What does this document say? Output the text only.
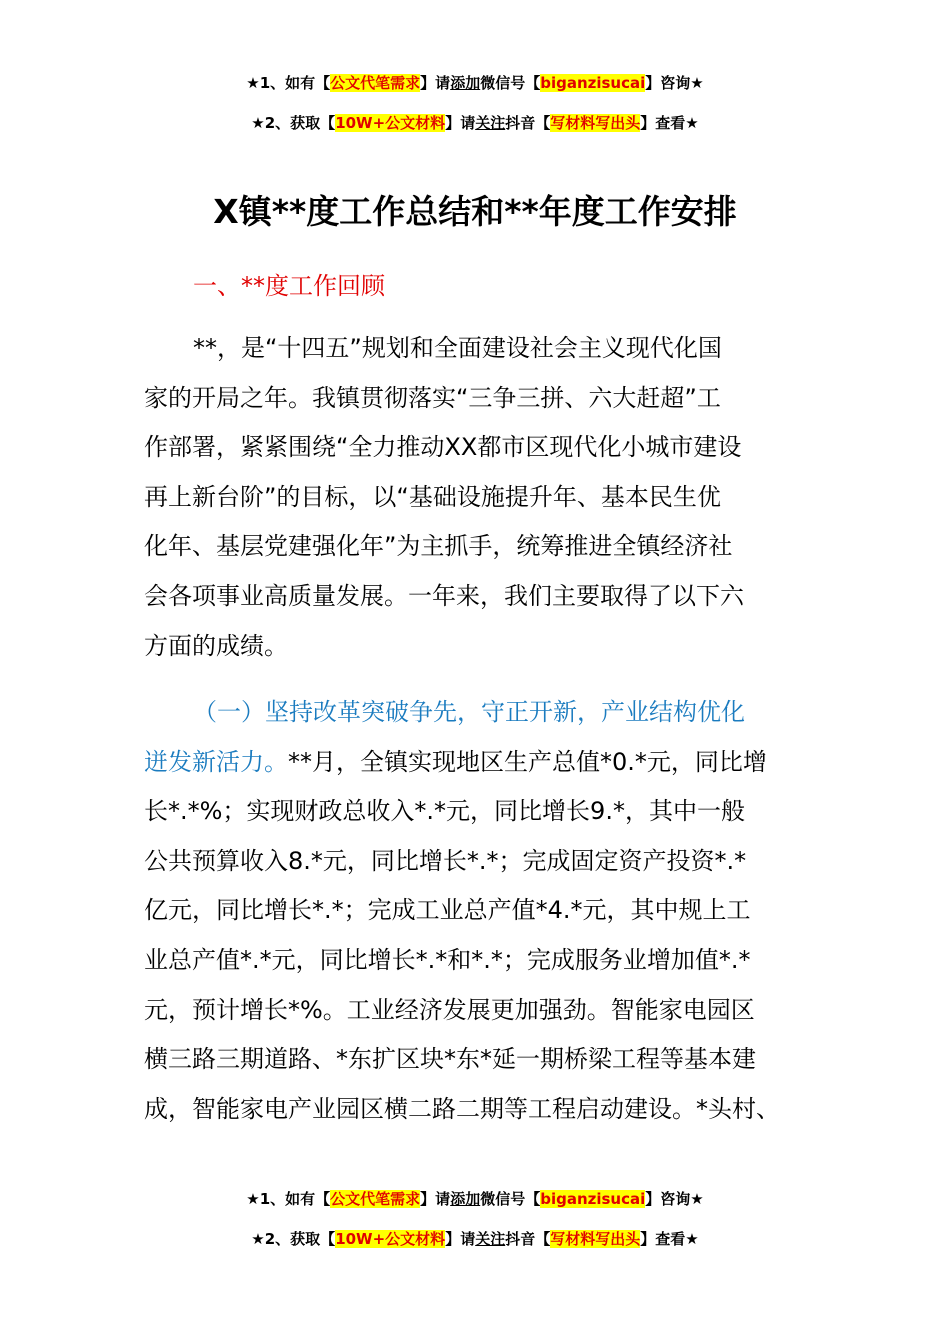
★1、如有【公文代笔需求】请添加微信号【biganzisucai】咨询★
★2、获取【10W+公文材料】请关注抖音【写材料写出头】查看★
X镇**度工作总结和**年度工作安排
一、**度工作回顾
**，是“十四五”规划和全面建设社会主义现代化国
家的开局之年。我镇贯彻落实“三争三拼、六大赶超”工
作部署，紧紧围绕“全力推动XX都市区现代化小城市建设
再上新台阶”的目标，以“基础设施提升年、基本民生优
化年、基层党建强化年”为主抓手，统筹推进全镇经济社
会各项事业高质量发展。一年来，我们主要取得了以下六
方面的成绩。
（一）坚持改革突破争先，守正开新，产业结构优化
迸发新活力。**月，全镇实现地区生产总值*0.*元，同比增
长*.*%；实现财政总收入*.*元，同比增长9.*，其中一般
公共预算收入8.*元，同比增长*.*；完成固定资产投资*.*
亿元，同比增长*.*；完成工业总产值*4.*元，其中规上工
业总产值*.*元，同比增长*.*和*.*；完成服务业增加值*.*
元，预计增长*%。工业经济发展更加强劲。智能家电园区
横三路三期道路、*东扩区块*东*延一期桥梁工程等基本建
成，智能家电产业园区横二路二期等工程启动建设。*头村、
★1、如有【公文代笔需求】请添加微信号【biganzisucai】咨询★
★2、获取【10W+公文材料】请关注抖音【写材料写出头】查看★
